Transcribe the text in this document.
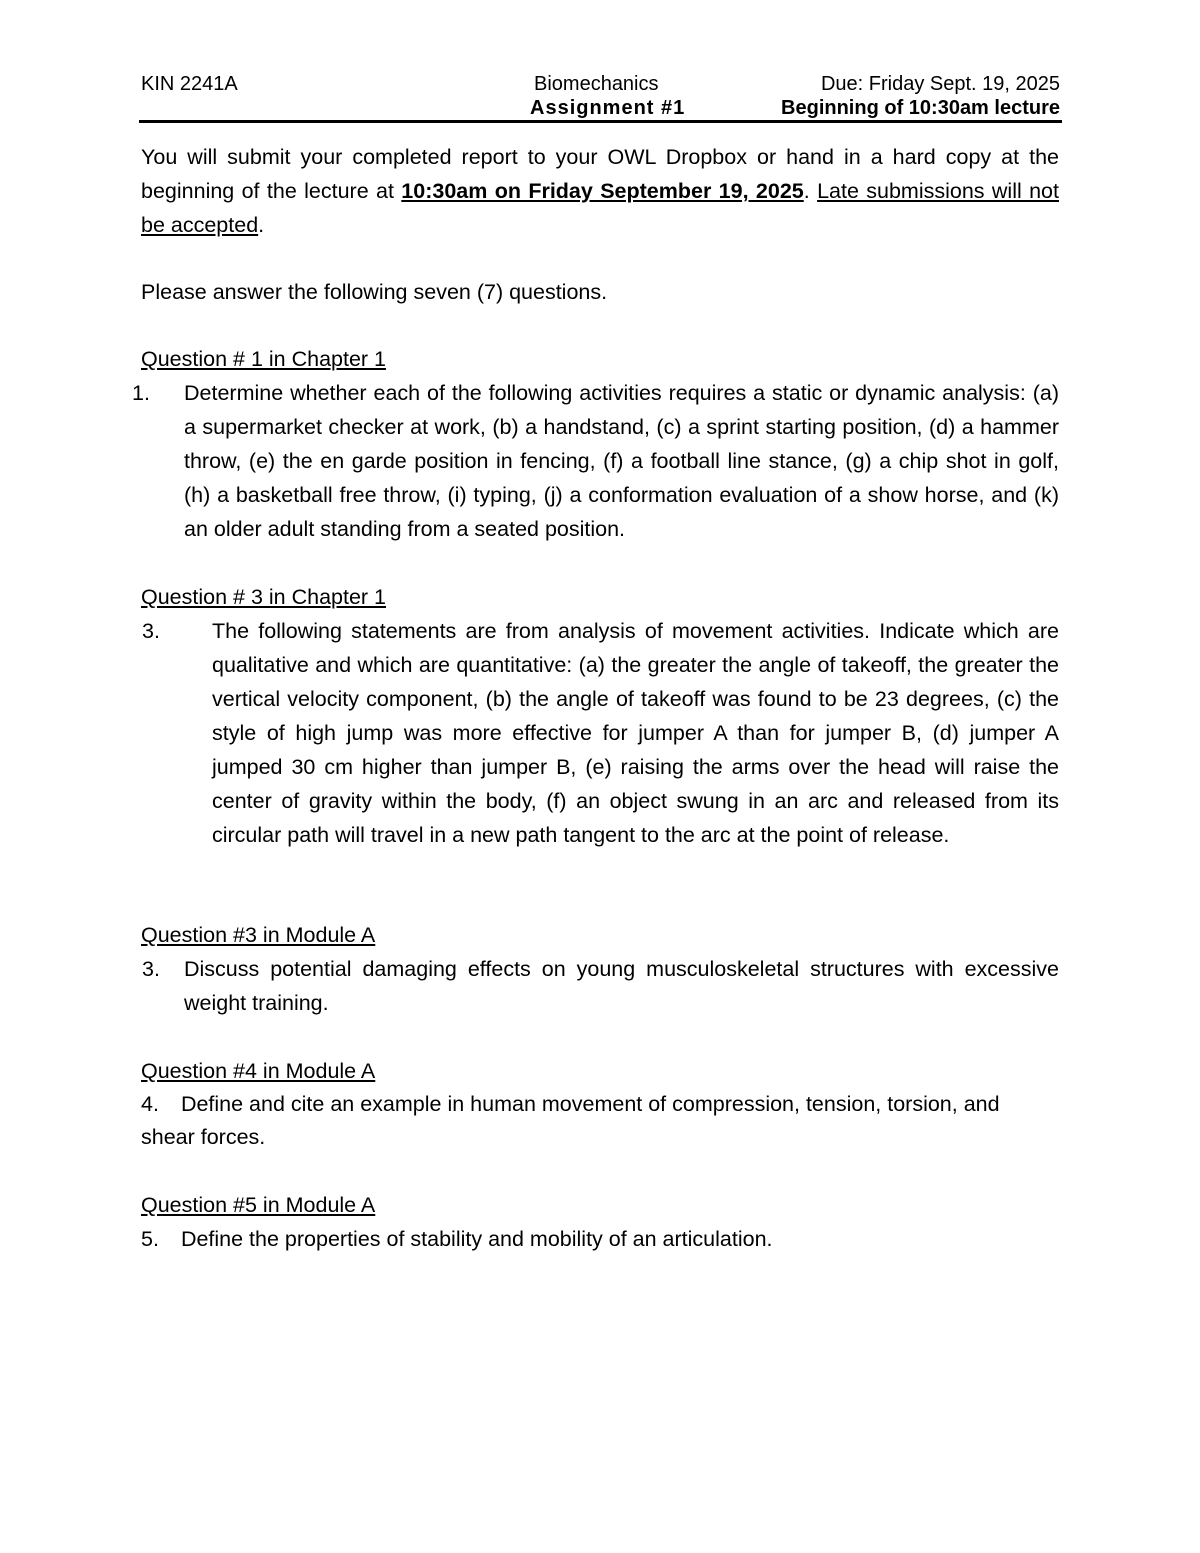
KIN 2241A	Biomechanics	Due: Friday Sept. 19, 2025
Assignment #1	Beginning of 10:30am lecture
You will submit your completed report to your OWL Dropbox or hand in a hard copy at the beginning of the lecture at 10:30am on Friday September 19, 2025. Late submissions will not be accepted.
Please answer the following seven (7) questions.
Question # 1 in Chapter 1
1. Determine whether each of the following activities requires a static or dynamic analysis: (a) a supermarket checker at work, (b) a handstand, (c) a sprint starting position, (d) a hammer throw, (e) the en garde position in fencing, (f) a football line stance, (g) a chip shot in golf, (h) a basketball free throw, (i) typing, (j) a conformation evaluation of a show horse, and (k) an older adult standing from a seated position.
Question # 3 in Chapter 1
3. The following statements are from analysis of movement activities. Indicate which are qualitative and which are quantitative: (a) the greater the angle of takeoff, the greater the vertical velocity component, (b) the angle of takeoff was found to be 23 degrees, (c) the style of high jump was more effective for jumper A than for jumper B, (d) jumper A jumped 30 cm higher than jumper B, (e) raising the arms over the head will raise the center of gravity within the body, (f) an object swung in an arc and released from its circular path will travel in a new path tangent to the arc at the point of release.
Question #3 in Module A
3. Discuss potential damaging effects on young musculoskeletal structures with excessive weight training.
Question #4 in Module A
4. Define and cite an example in human movement of compression, tension, torsion, and shear forces.
Question #5 in Module A
5. Define the properties of stability and mobility of an articulation.
